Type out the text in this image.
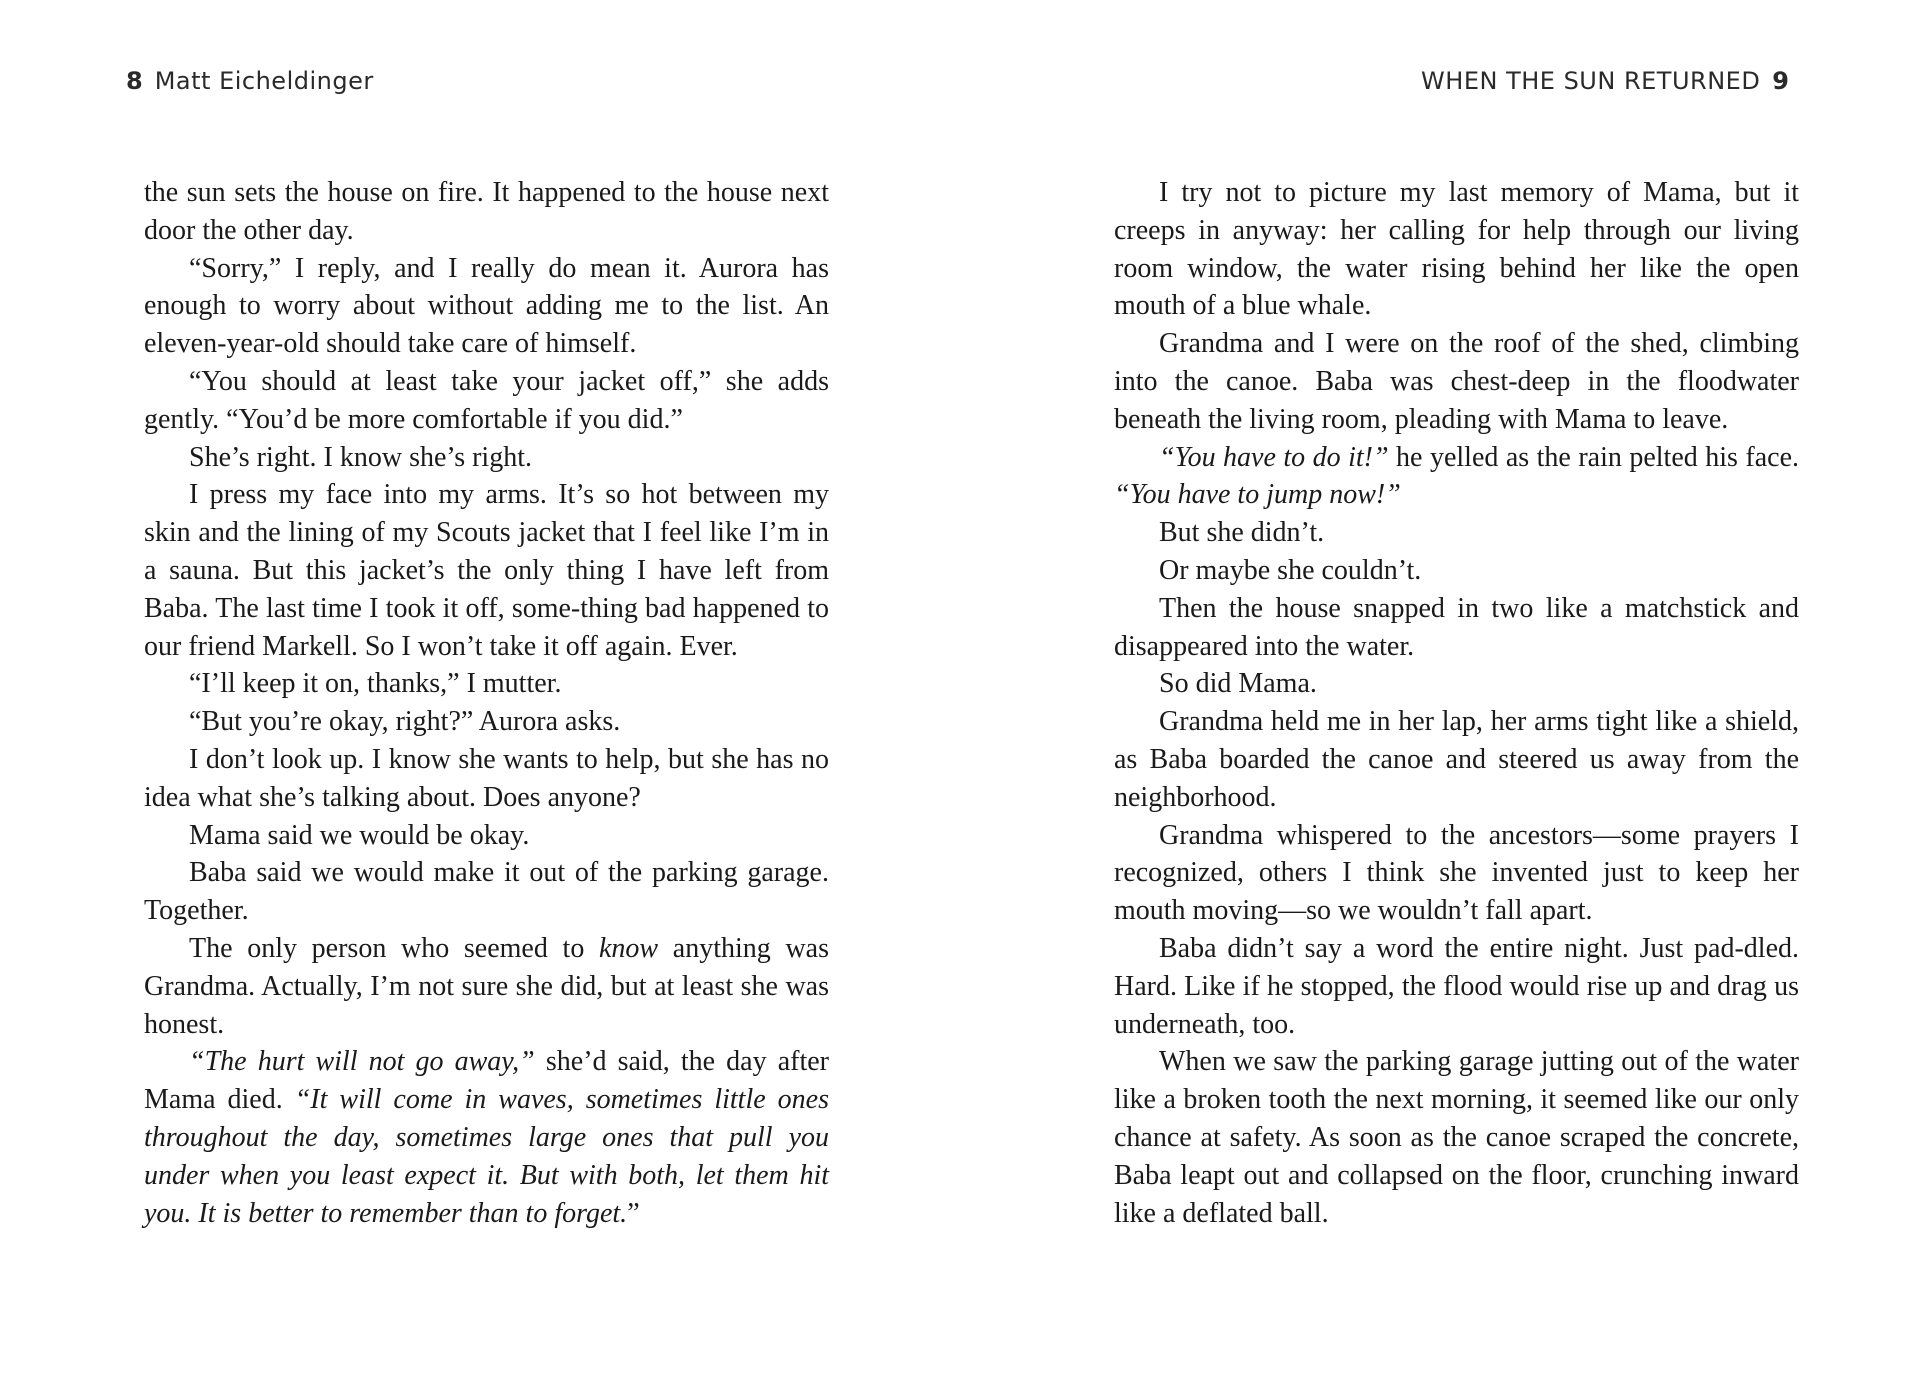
8 Matt Eicheldinger

the sun sets the house on fire. It happened to the house next door the other day.

“Sorry,” I reply, and I really do mean it. Aurora has enough to worry about without adding me to the list. An eleven-year-old should take care of himself.

“You should at least take your jacket off,” she adds gently. “You’d be more comfortable if you did.”

She’s right. I know she’s right.

I press my face into my arms. It’s so hot between my skin and the lining of my Scouts jacket that I feel like I’m in a sauna. But this jacket’s the only thing I have left from Baba. The last time I took it off, some-thing bad happened to our friend Markell. So I won’t take it off again. Ever.

“I’ll keep it on, thanks,” I mutter.

“But you’re okay, right?” Aurora asks.

I don’t look up. I know she wants to help, but she has no idea what she’s talking about. Does anyone?

Mama said we would be okay.

Baba said we would make it out of the parking garage. Together.

The only person who seemed to know anything was Grandma. Actually, I’m not sure she did, but at least she was honest.

“The hurt will not go away,” she’d said, the day after Mama died. “It will come in waves, sometimes little ones throughout the day, sometimes large ones that pull you under when you least expect it. But with both, let them hit you. It is better to remember than to forget.”

WHEN THE SUN RETURNED 9

I try not to picture my last memory of Mama, but it creeps in anyway: her calling for help through our living room window, the water rising behind her like the open mouth of a blue whale.

Grandma and I were on the roof of the shed, climbing into the canoe. Baba was chest-deep in the floodwater beneath the living room, pleading with Mama to leave.

“You have to do it!” he yelled as the rain pelted his face. “You have to jump now!”

But she didn’t.

Or maybe she couldn’t.

Then the house snapped in two like a matchstick and disappeared into the water.

So did Mama.

Grandma held me in her lap, her arms tight like a shield, as Baba boarded the canoe and steered us away from the neighborhood.

Grandma whispered to the ancestors—some prayers I recognized, others I think she invented just to keep her mouth moving—so we wouldn’t fall apart.

Baba didn’t say a word the entire night. Just pad-dled. Hard. Like if he stopped, the flood would rise up and drag us underneath, too.

When we saw the parking garage jutting out of the water like a broken tooth the next morning, it seemed like our only chance at safety. As soon as the canoe scraped the concrete, Baba leapt out and collapsed on the floor, crunching inward like a deflated ball.
